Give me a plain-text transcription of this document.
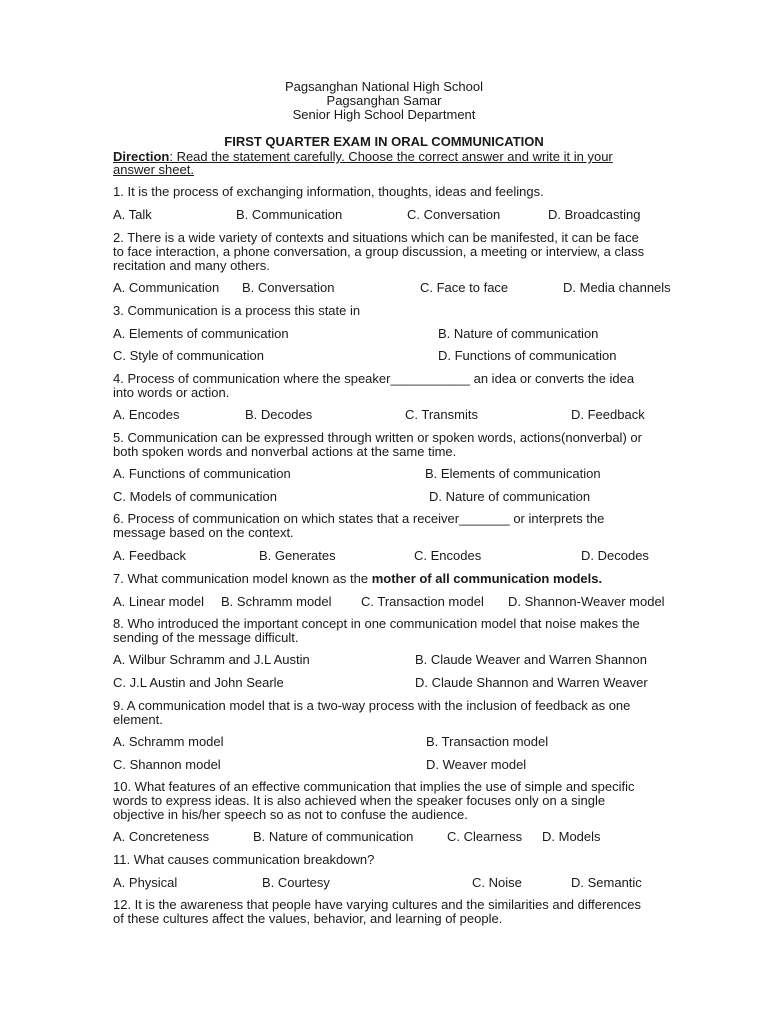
Pagsanghan National High School
Pagsanghan Samar
Senior High School Department
FIRST QUARTER EXAM IN ORAL COMMUNICATION
Direction: Read the statement carefully. Choose the correct answer and write it in your
answer sheet.
1. It is the process of exchanging information, thoughts, ideas and feelings.
A. Talk	B. Communication	C. Conversation	D. Broadcasting
2. There is a wide variety of contexts and situations which can be manifested, it can be face
to face interaction, a phone conversation, a group discussion, a meeting or interview, a class
recitation and many others.
A. Communication B. Conversation	C. Face to face	D. Media channels
3. Communication is a process this state in
A. Elements of communication	B. Nature of communication
C. Style of communication	D. Functions of communication
4. Process of communication where the speaker___________ an idea or converts the idea
into words or action.
A. Encodes	B. Decodes	C. Transmits	D. Feedback
5. Communication can be expressed through written or spoken words, actions(nonverbal) or
both spoken words and nonverbal actions at the same time.
A. Functions of communication	B. Elements of communication
C. Models of communication	D. Nature of communication
6. Process of communication on which states that a receiver_______ or interprets the
message based on the context.
A. Feedback	B. Generates	C. Encodes	D. Decodes
7. What communication model known as the mother of all communication models.
A. Linear model B. Schramm model C. Transaction model D. Shannon-Weaver model
8. Who introduced the important concept in one communication model that noise makes the
sending of the message difficult.
A. Wilbur Schramm and J.L Austin	B. Claude Weaver and Warren Shannon
C. J.L Austin and John Searle	D. Claude Shannon and Warren Weaver
9. A communication model that is a two-way process with the inclusion of feedback as one
element.
A. Schramm model	B. Transaction model
C. Shannon model	D. Weaver model
10. What features of an effective communication that implies the use of simple and specific
words to express ideas. It is also achieved when the speaker focuses only on a single
objective in his/her speech so as not to confuse the audience.
A. Concreteness	B. Nature of communication	C. Clearness D. Models
11. What causes communication breakdown?
A. Physical	B. Courtesy	C. Noise	D. Semantic
12. It is the awareness that people have varying cultures and the similarities and differences
of these cultures affect the values, behavior, and learning of people.
